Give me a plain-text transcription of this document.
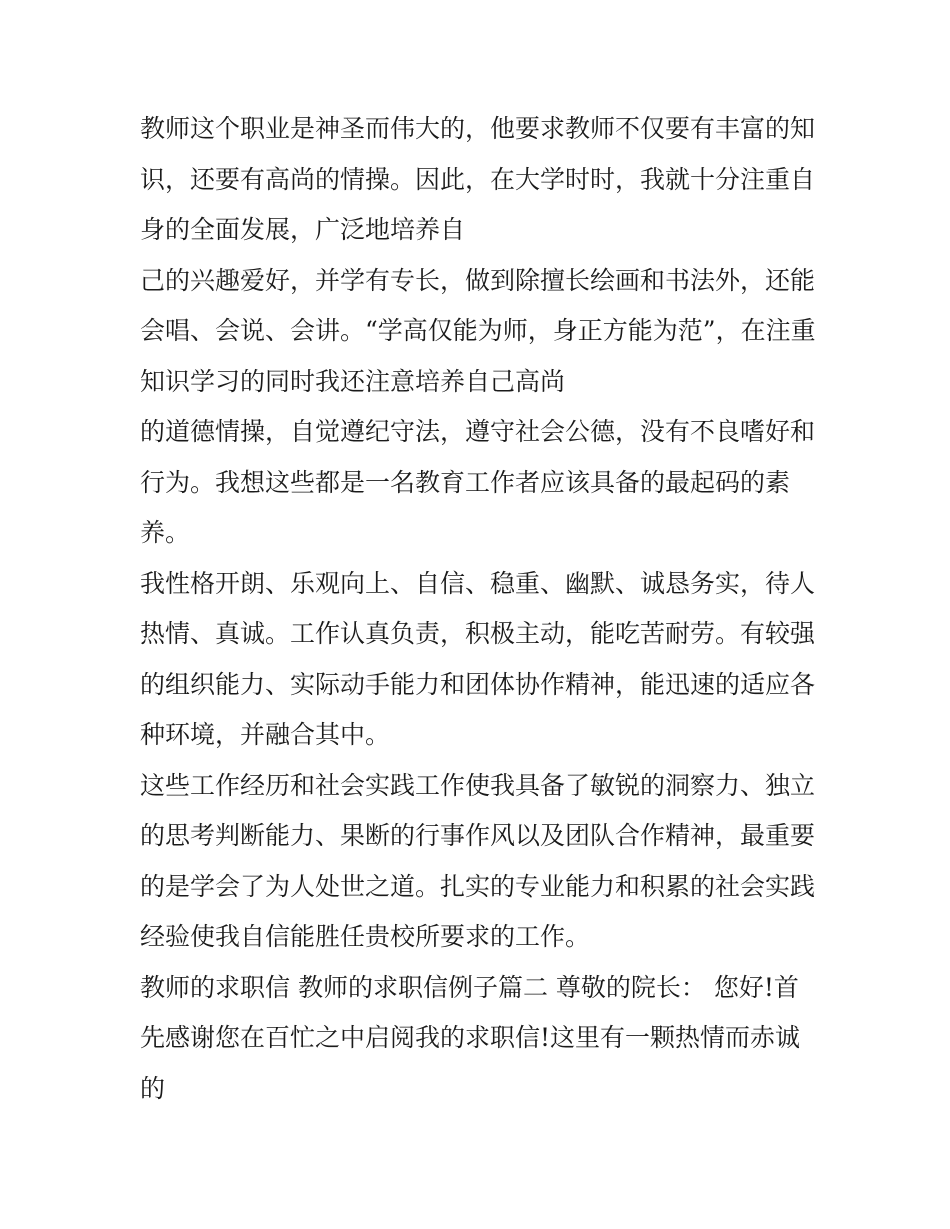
教师这个职业是神圣而伟大的，他要求教师不仅要有丰富的知
识，还要有高尚的情操。因此，在大学时时，我就十分注重自
身的全面发展，广泛地培养自
己的兴趣爱好，并学有专长，做到除擅长绘画和书法外，还能
会唱、会说、会讲。“学高仅能为师，身正方能为范”，在注重
知识学习的同时我还注意培养自己高尚
的道德情操，自觉遵纪守法，遵守社会公德，没有不良嗜好和
行为。我想这些都是一名教育工作者应该具备的最起码的素
养。
我性格开朗、乐观向上、自信、稳重、幽默、诚恳务实，待人
热情、真诚。工作认真负责，积极主动，能吃苦耐劳。有较强
的组织能力、实际动手能力和团体协作精神，能迅速的适应各
种环境，并融合其中。
这些工作经历和社会实践工作使我具备了敏锐的洞察力、独立
的思考判断能力、果断的行事作风以及团队合作精神，最重要
的是学会了为人处世之道。扎实的专业能力和积累的社会实践
经验使我自信能胜任贵校所要求的工作。
教师的求职信 教师的求职信例子篇二 尊敬的院长： 您好!首
先感谢您在百忙之中启阅我的求职信!这里有一颗热情而赤诚
的
